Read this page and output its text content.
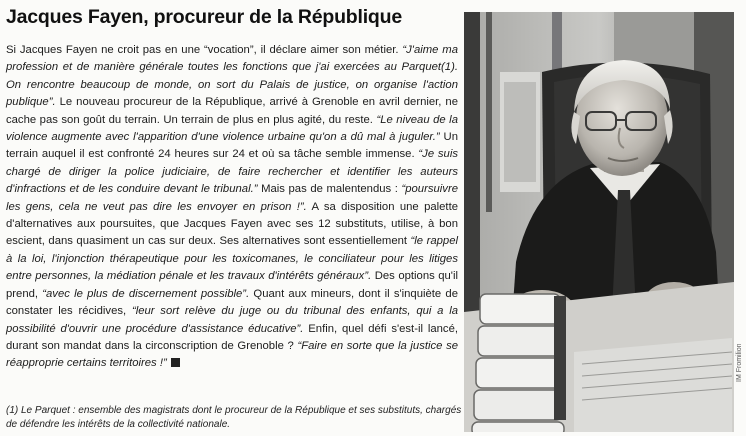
Jacques Fayen, procureur de la République
Si Jacques Fayen ne croit pas en une “vocation”, il déclare aimer son métier. “J'aime ma profession et de manière générale toutes les fonctions que j'ai exercées au Parquet(1). On rencontre beaucoup de monde, on sort du Palais de justice, on organise l'action publique”. Le nouveau procureur de la République, arrivé à Grenoble en avril dernier, ne cache pas son goût du terrain. Un terrain de plus en plus agité, du reste. “Le niveau de la violence augmente avec l'apparition d'une violence urbaine qu'on a dû mal à juguler.” Un terrain auquel il est confronté 24 heures sur 24 et où sa tâche semble immense. “Je suis chargé de diriger la police judiciaire, de faire rechercher et identifier les auteurs d'infractions et de les conduire devant le tribunal.” Mais pas de malentendus : “poursuivre les gens, cela ne veut pas dire les envoyer en prison !”. A sa disposition une palette d'alternatives aux poursuites, que Jacques Fayen avec ses 12 substituts, utilise, à bon escient, dans quasiment un cas sur deux. Ses alternatives sont essentiellement “le rappel à la loi, l'injonction thérapeutique pour les toxicomanes, le conciliateur pour les litiges entre personnes, la médiation pénale et les travaux d'intérêts généraux”. Des options qu'il prend, “avec le plus de discernement possible”. Quant aux mineurs, dont il s'inquiète de constater les récidives, “leur sort relève du juge ou du tribunal des enfants, qui a la possibilité d'ouvrir une procédure d'assistance éducative”. Enfin, quel défi s'est-il lancé, durant son mandat dans la circonscription de Grenoble ? “Faire en sorte que la justice se réapproprie certains territoires !”
(1) Le Parquet : ensemble des magistrats dont le procureur de la République et ses substituts, chargés de défendre les intérêts de la collectivité nationale.
IM Fromilion
